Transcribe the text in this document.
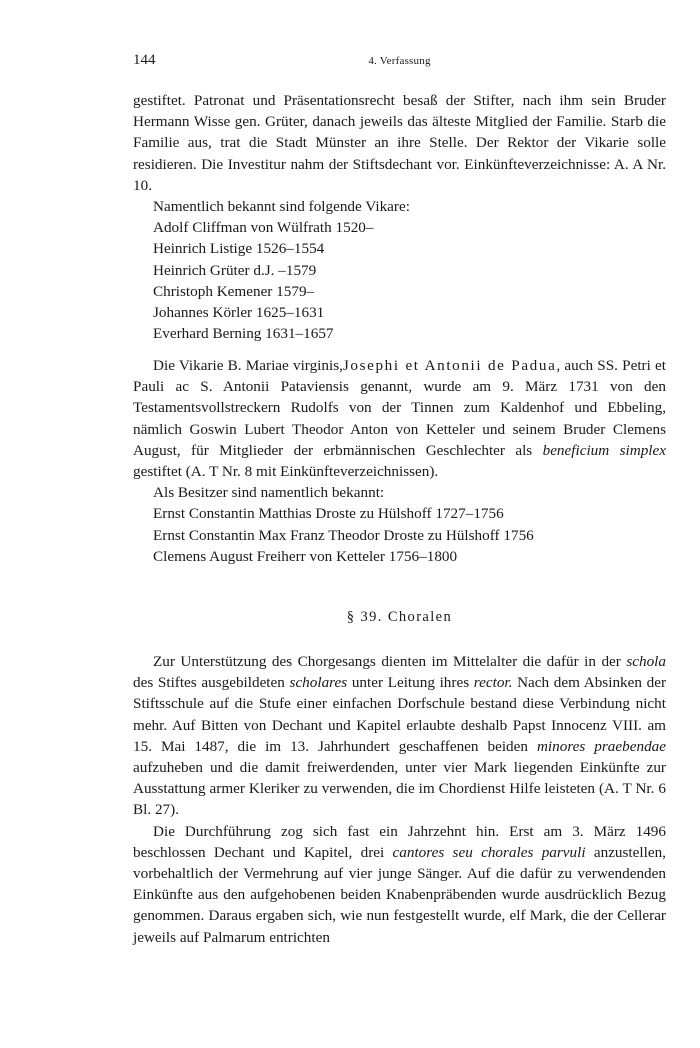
144	4. Verfassung

gestiftet. Patronat und Präsentationsrecht besaß der Stifter, nach ihm sein Bruder Hermann Wisse gen. Grüter, danach jeweils das älteste Mitglied der Familie. Starb die Familie aus, trat die Stadt Münster an ihre Stelle. Der Rektor der Vikarie solle residieren. Die Investitur nahm der Stiftsdechant vor. Einkünfteverzeichnisse: A. A Nr. 10.

Namentlich bekannt sind folgende Vikare:

Adolf Cliffman von Wülfrath 1520–
Heinrich Listige 1526–1554
Heinrich Grüter d.J. –1579
Christoph Kemener 1579–
Johannes Körler 1625–1631
Everhard Berning 1631–1657

Die Vikarie B. Mariae virginis,Josephi et Antonii de Padua, auch SS. Petri et Pauli ac S. Antonii Pataviensis genannt, wurde am 9. März 1731 von den Testamentsvollstreckern Rudolfs von der Tinnen zum Kaldenhof und Ebbeling, nämlich Goswin Lubert Theodor Anton von Ketteler und seinem Bruder Clemens August, für Mitglieder der erbmännischen Geschlechter als beneficium simplex gestiftet (A. T Nr. 8 mit Einkünfteverzeichnissen).

Als Besitzer sind namentlich bekannt:

Ernst Constantin Matthias Droste zu Hülshoff 1727–1756
Ernst Constantin Max Franz Theodor Droste zu Hülshoff 1756
Clemens August Freiherr von Ketteler 1756–1800
§ 39. Choralen

Zur Unterstützung des Chorgesangs dienten im Mittelalter die dafür in der schola des Stiftes ausgebildeten scholares unter Leitung ihres rector. Nach dem Absinken der Stiftsschule auf die Stufe einer einfachen Dorfschule bestand diese Verbindung nicht mehr. Auf Bitten von Dechant und Kapitel erlaubte deshalb Papst Innocenz VIII. am 15. Mai 1487, die im 13. Jahrhundert geschaffenen beiden minores praebendae aufzuheben und die damit freiwerdenden, unter vier Mark liegenden Einkünfte zur Ausstattung armer Kleriker zu verwenden, die im Chordienst Hilfe leisteten (A. T Nr. 6 Bl. 27).

Die Durchführung zog sich fast ein Jahrzehnt hin. Erst am 3. März 1496 beschlossen Dechant und Kapitel, drei cantores seu chorales parvuli anzustellen, vorbehaltlich der Vermehrung auf vier junge Sänger. Auf die dafür zu verwendenden Einkünfte aus den aufgehobenen beiden Knabenpräbenden wurde ausdrücklich Bezug genommen. Daraus ergaben sich, wie nun festgestellt wurde, elf Mark, die der Cellerar jeweils auf Palmarum entrichten
